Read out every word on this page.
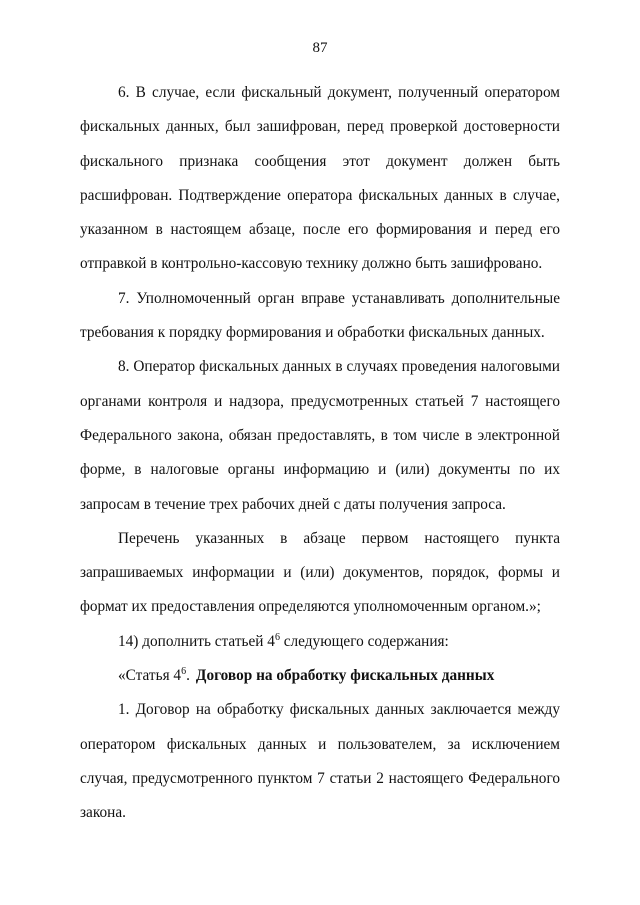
87

6. В случае, если фискальный документ, полученный оператором фискальных данных, был зашифрован, перед проверкой достоверности фискального признака сообщения этот документ должен быть расшифрован. Подтверждение оператора фискальных данных в случае, указанном в настоящем абзаце, после его формирования и перед его отправкой в контрольно-кассовую технику должно быть зашифровано.

7. Уполномоченный орган вправе устанавливать дополнительные требования к порядку формирования и обработки фискальных данных.

8. Оператор фискальных данных в случаях проведения налоговыми органами контроля и надзора, предусмотренных статьей 7 настоящего Федерального закона, обязан предоставлять, в том числе в электронной форме, в налоговые органы информацию и (или) документы по их запросам в течение трех рабочих дней с даты получения запроса.

Перечень указанных в абзаце первом настоящего пункта запрашиваемых информации и (или) документов, порядок, формы и формат их предоставления определяются уполномоченным органом.»;

14) дополнить статьей $4^6$ следующего содержания:

«Статья $4^6$. Договор на обработку фискальных данных

1. Договор на обработку фискальных данных заключается между оператором фискальных данных и пользователем, за исключением случая, предусмотренного пунктом 7 статьи 2 настоящего Федерального закона.
